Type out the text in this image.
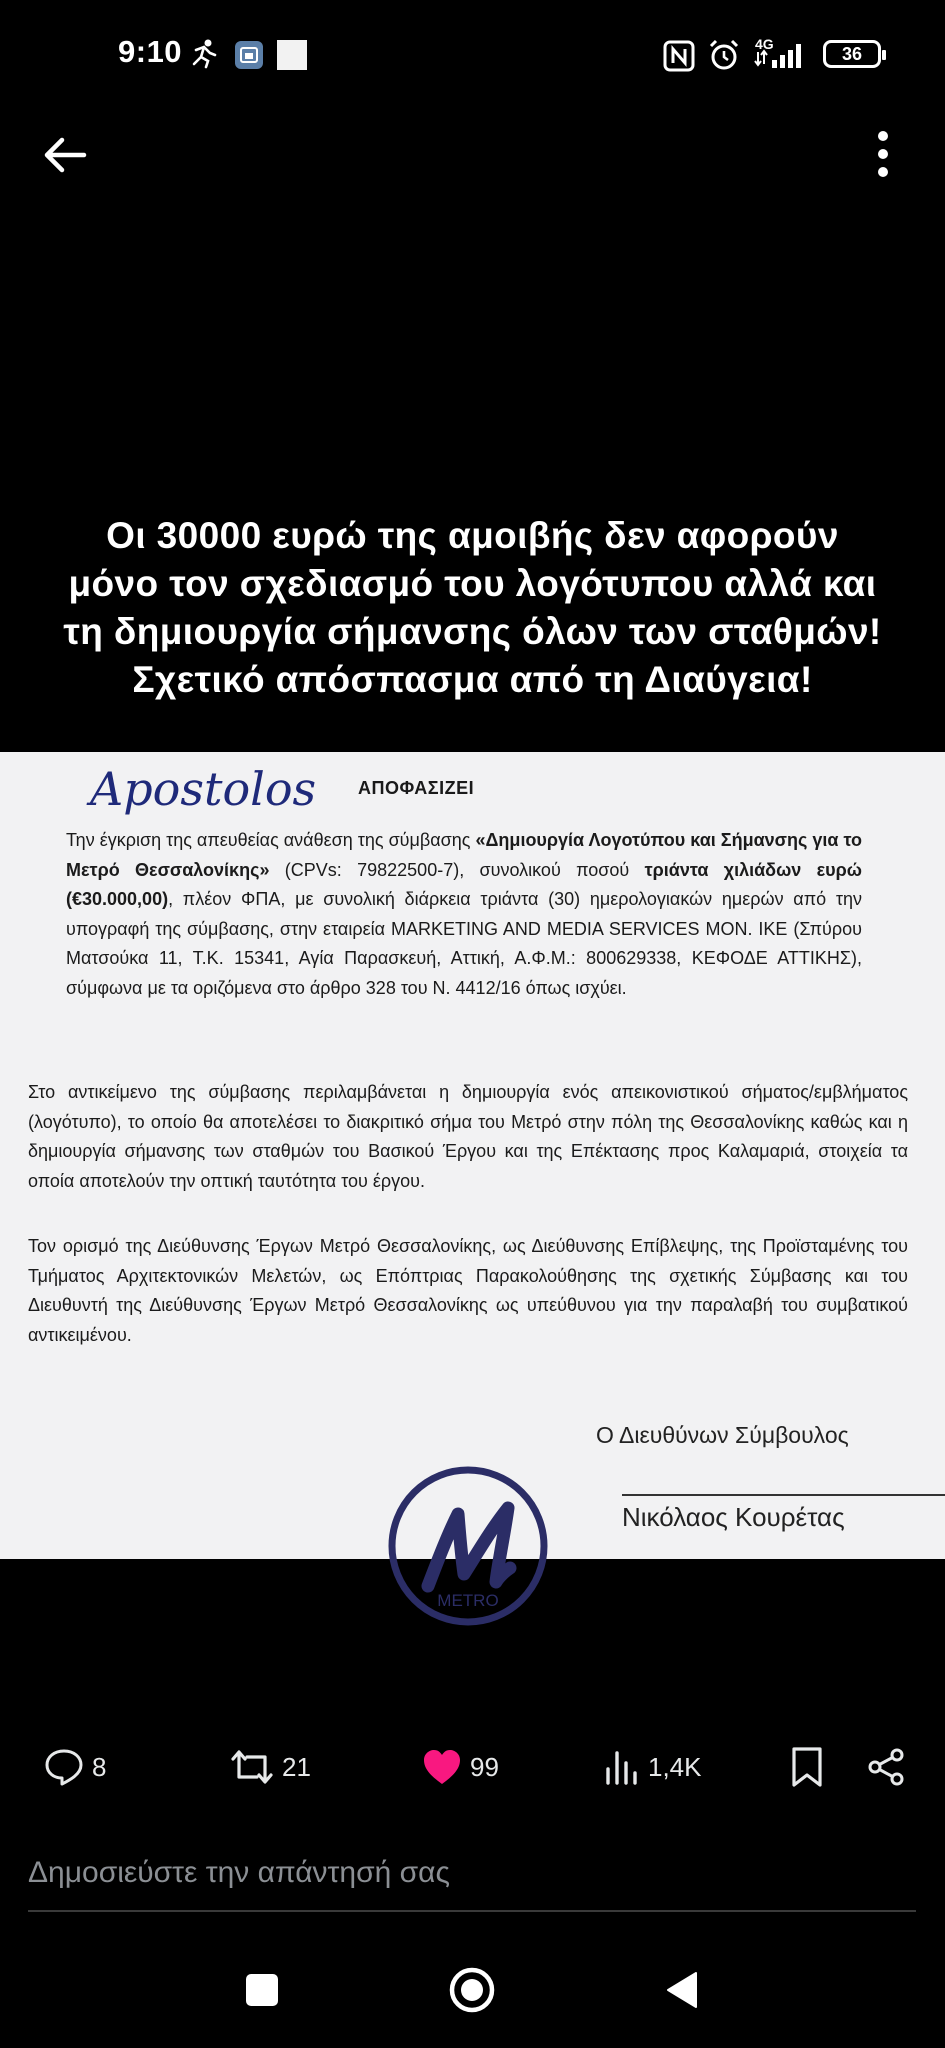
9:10	4G	36
Οι 30000 ευρώ της αμοιβής δεν αφορούν
μόνο τον σχεδιασμό του λογότυπου αλλά και
τη δημιουργία σήμανσης όλων των σταθμών!
Σχετικό απόσπασμα από τη Διαύγεια!
Apostolos ΑΠΟΦΑΣΙΖΕΙ
Την έγκριση της απευθείας ανάθεση της σύμβασης «Δημιουργία Λογοτύπου και Σήμανσης για το Μετρό Θεσσαλονίκης» (CPVs: 79822500-7), συνολικού ποσού τριάντα χιλιάδων ευρώ (€30.000,00), πλέον ΦΠΑ, με συνολική διάρκεια τριάντα (30) ημερολογιακών ημερών από την υπογραφή της σύμβασης, στην εταιρεία MARKETING AND MEDIA SERVICES MON. IKE (Σπύρου Ματσούκα 11, Τ.Κ. 15341, Αγία Παρασκευή, Αττική, Α.Φ.Μ.: 800629338, ΚΕΦΟΔΕ ΑΤΤΙΚΗΣ), σύμφωνα με τα οριζόμενα στο άρθρο 328 του Ν. 4412/16 όπως ισχύει.
Στο αντικείμενο της σύμβασης περιλαμβάνεται η δημιουργία ενός απεικονιστικού σήματος/εμβλήματος (λογότυπο), το οποίο θα αποτελέσει το διακριτικό σήμα του Μετρό στην πόλη της Θεσσαλονίκης καθώς και η δημιουργία σήμανσης των σταθμών του Βασικού Έργου και της Επέκτασης προς Καλαμαριά, στοιχεία τα οποία αποτελούν την οπτική ταυτότητα του έργου.
Τον ορισμό της Διεύθυνσης Έργων Μετρό Θεσσαλονίκης, ως Διεύθυνσης Επίβλεψης, της Προϊσταμένης του Τμήματος Αρχιτεκτονικών Μελετών, ως Επόπτριας Παρακολούθησης της σχετικής Σύμβασης και του Διευθυντή της Διεύθυνσης Έργων Μετρό Θεσσαλονίκης ως υπεύθυνου για την παραλαβή του συμβατικού αντικειμένου.
METRO
Ο Διευθύνων Σύμβουλος
Νικόλαος Κουρέτας
8	21	99	1,4K
Δημοσιεύστε την απάντησή σας
